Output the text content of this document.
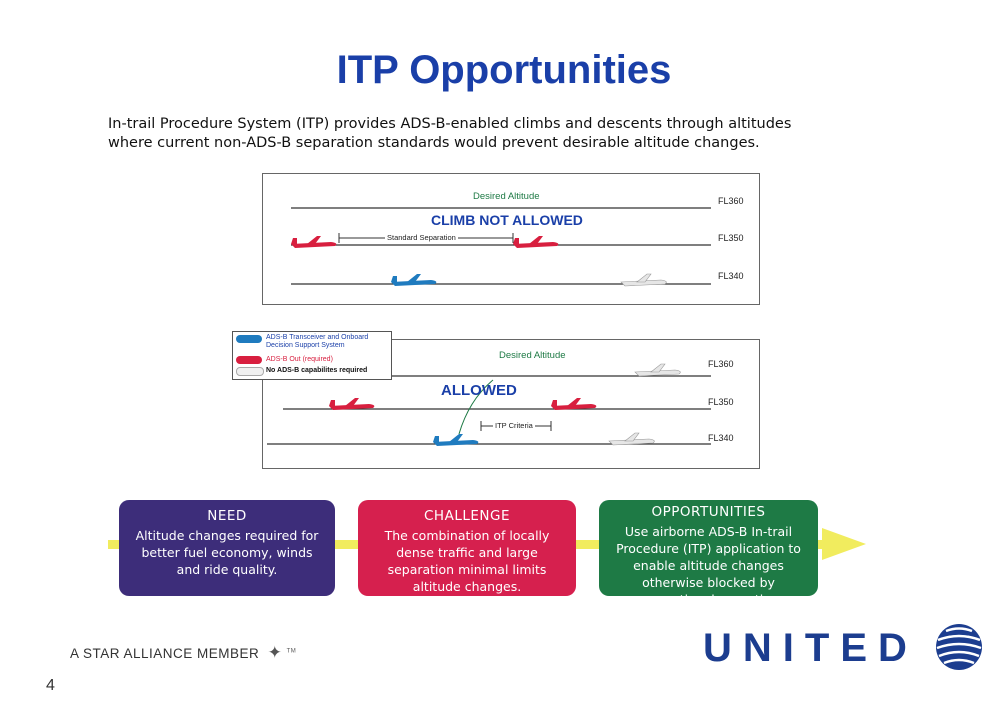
ITP Opportunities
In-trail Procedure System (ITP) provides ADS-B-enabled climbs and descents through altitudes where current non-ADS-B separation standards would prevent desirable altitude changes.
Desired Altitude
CLIMB NOT ALLOWED
Standard Separation
FL360
FL350
FL340
Desired Altitude
ALLOWED
ITP Criteria
FL360
FL350
FL340
ADS-B Transceiver and Onboard Decision Support System
ADS-B Out (required)
No ADS-B capabilites required
NEED
Altitude changes required for better fuel economy, winds and ride quality.
CHALLENGE
The combination of locally dense traffic and large separation minimal limits altitude changes.
OPPORTUNITIES
Use airborne ADS-B In-trail Procedure (ITP) application to enable altitude changes otherwise blocked by conventional operation.
A STAR ALLIANCE MEMBER ✦ ™
4
UNITED
